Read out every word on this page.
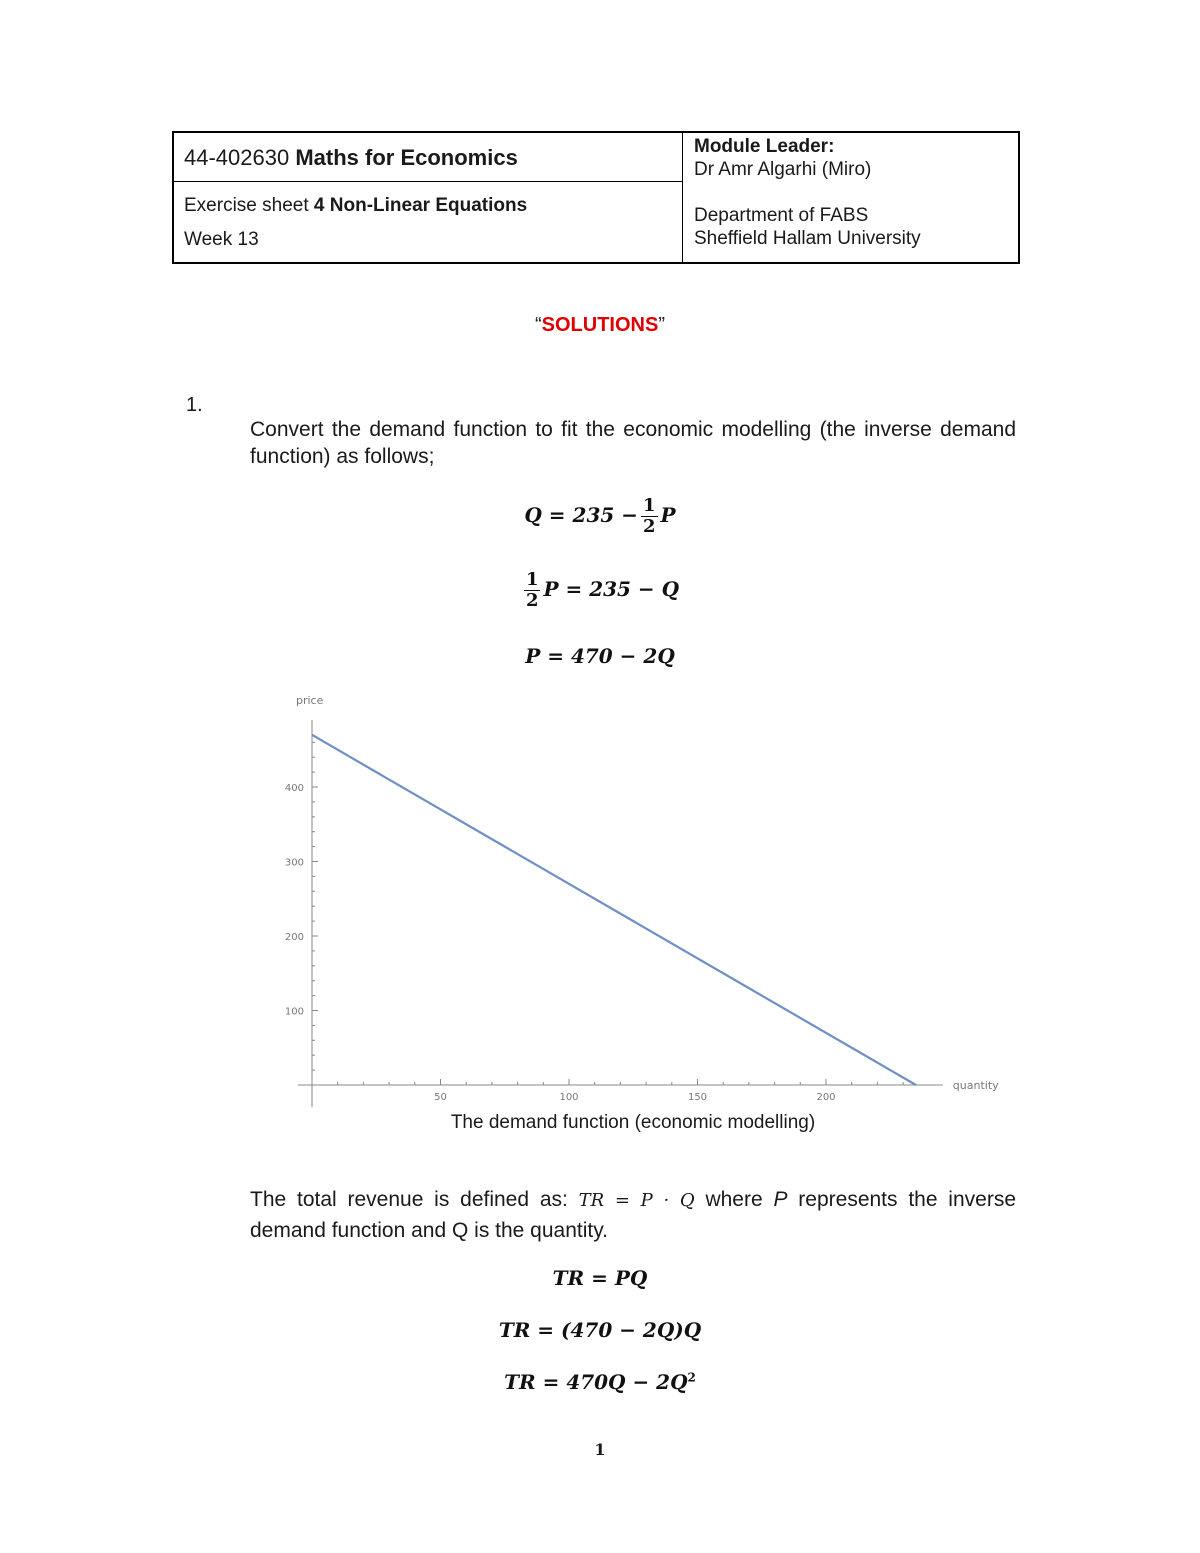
44-402630 Maths for Economics
Exercise sheet 4 Non-Linear Equations
Week 13
Module Leader:
Dr Amr Algarhi (Miro)
Department of FABS
Sheffield Hallam University
“SOLUTIONS”
1.
Convert the demand function to fit the economic modelling (the inverse demand function) as follows;
$Q = 235 - \frac{1}{2}$ P
$\frac{1}{2}$ P = 235 − Q
P = 470 − 2Q
50	100	150	200
100
200
300
400
quantity
price
The demand function (economic modelling)
The total revenue is defined as: TR = P · Q where P represents the inverse demand function and Q is the quantity.
TR = PQ
TR = (470 − 2Q)Q
TR = $470Q - 2Q^2$
1
